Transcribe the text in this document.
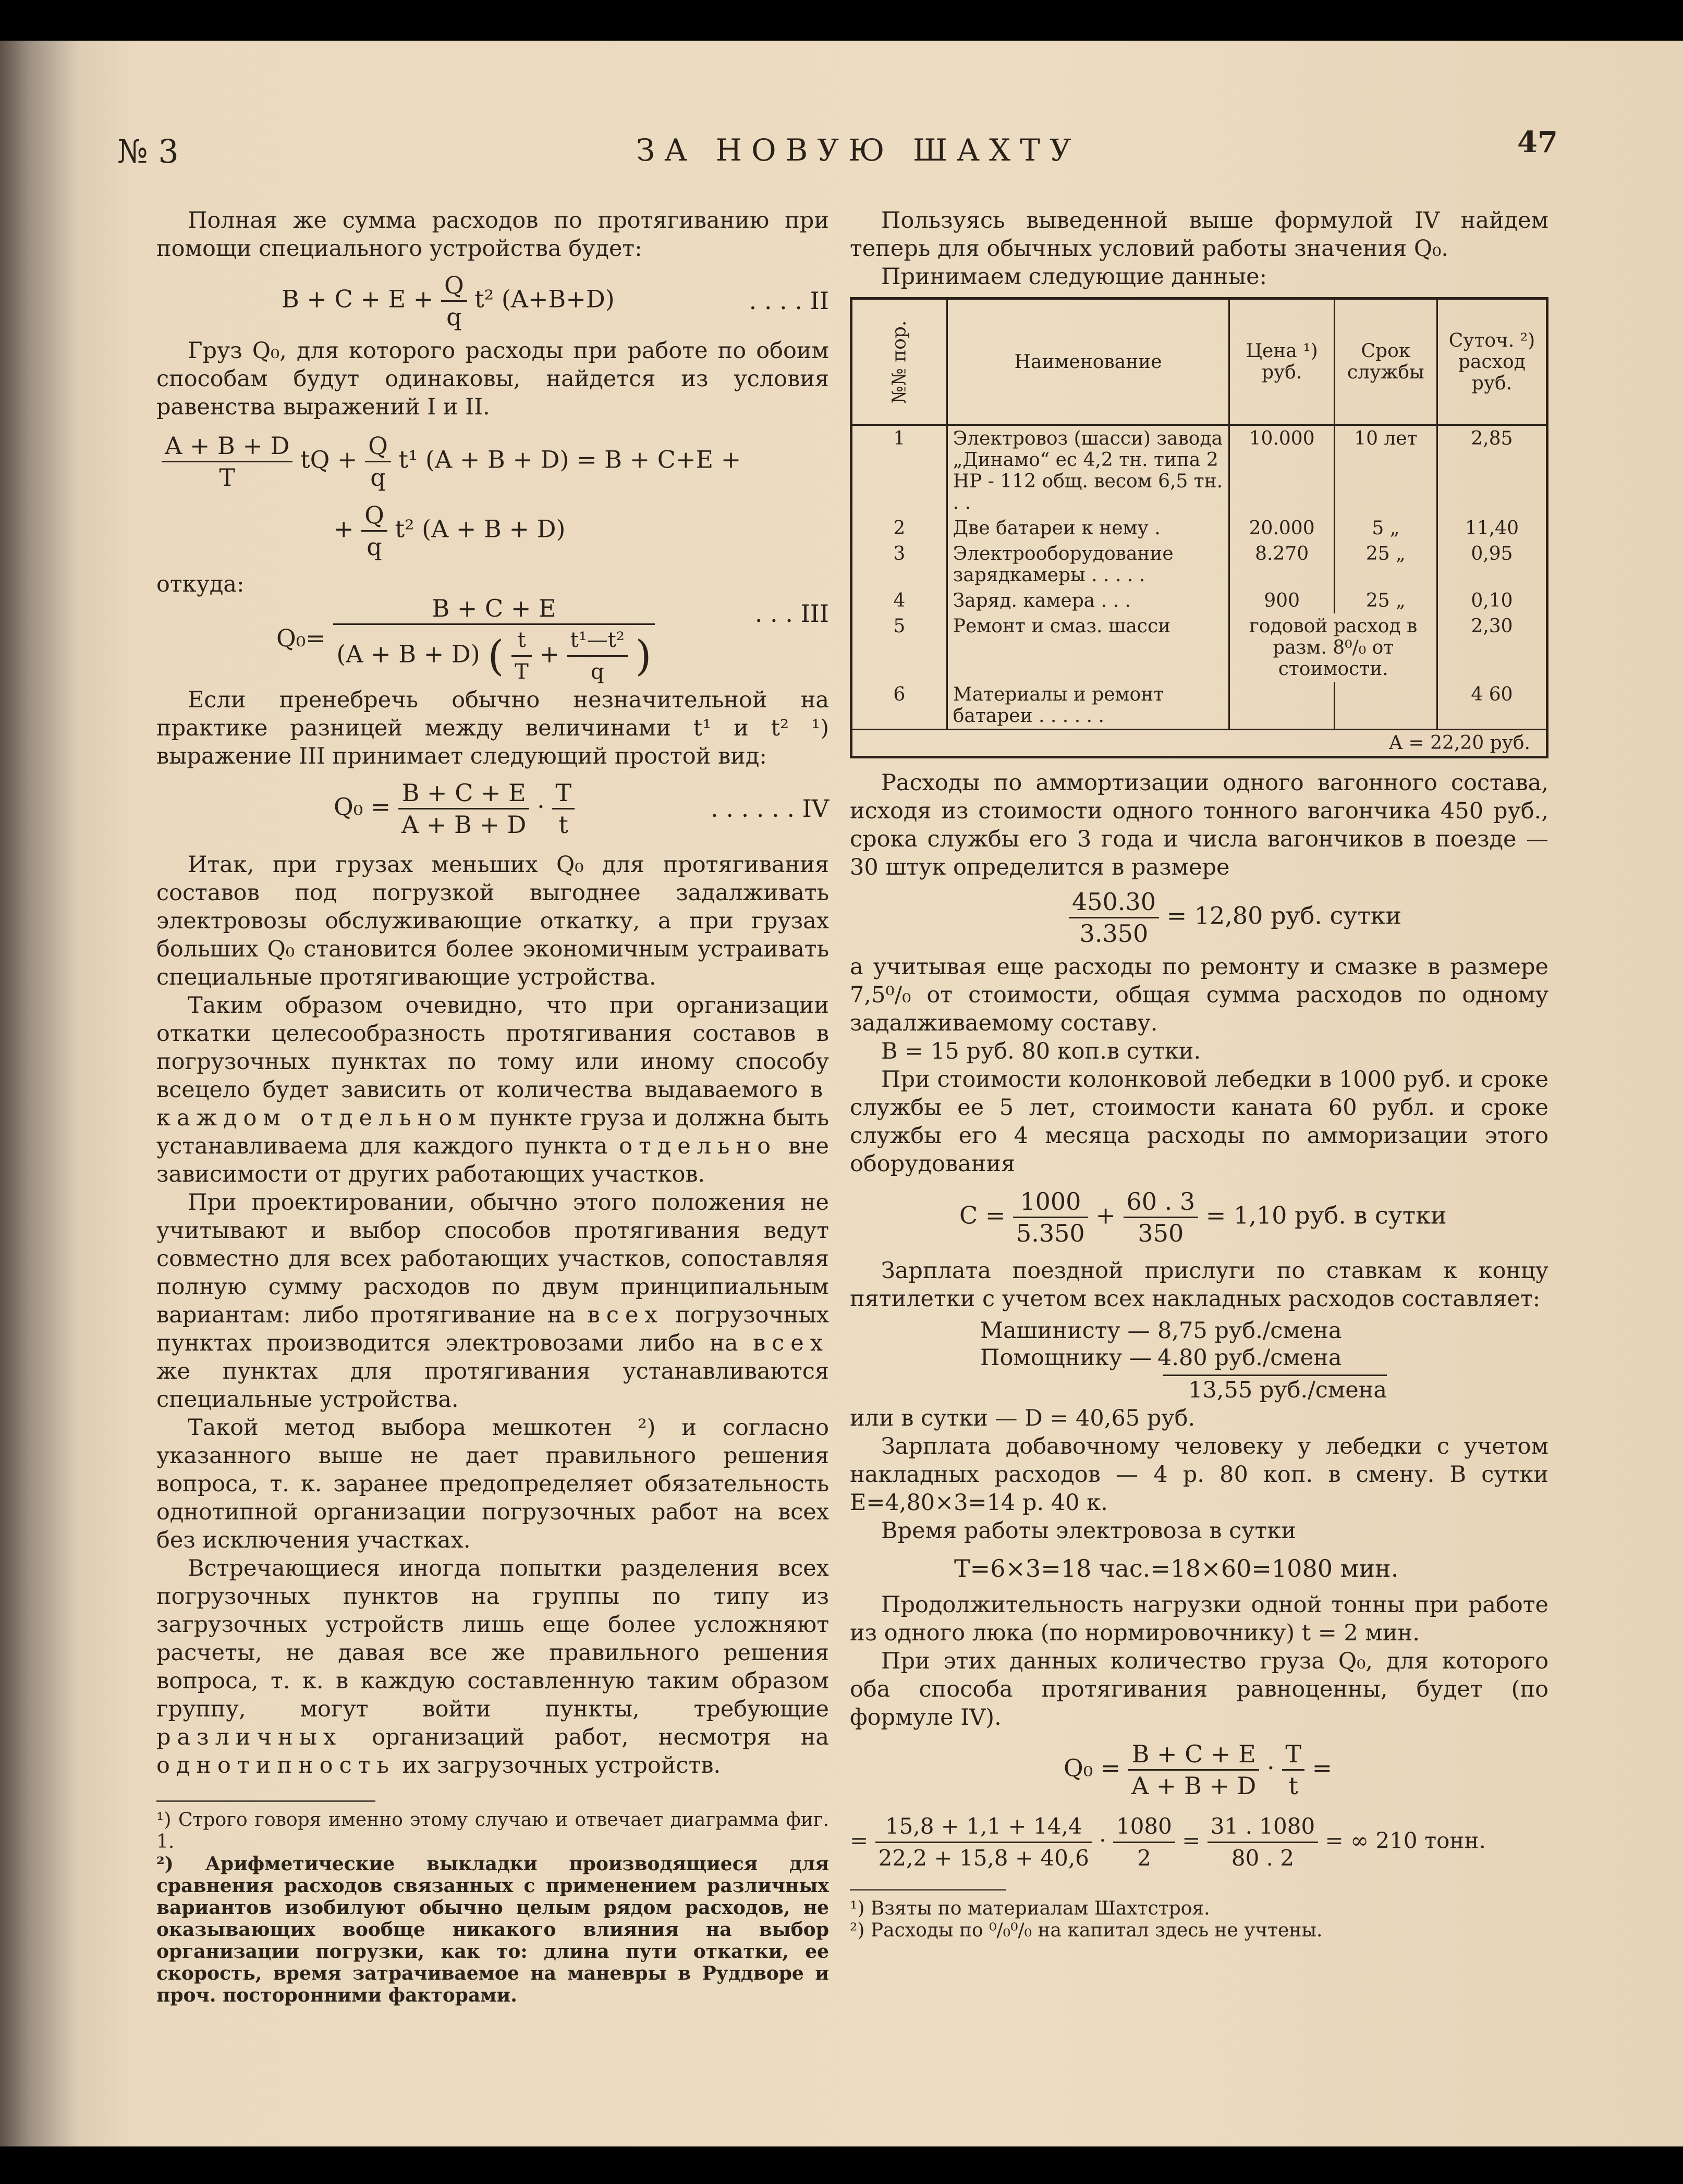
№ 3	ЗА НОВУЮ ШАХТУ	47

Полная же сумма расходов по протягиванию при помощи специального устройства будет:

$B + C + E + \frac{Q}{q} t^2$ (A+B+D)	. . . . II

Груз Q₀, для которого расходы при работе по обоим способам будут одинаковы, найдется из условия равенства выражений I и II.

$\frac{A + B + D}{T}$ tQ + $\frac{Q}{q} t^1$ (A + B + D) = B + C+E +
+ $\frac{Q}{q} t^2$ (A + B + D)

откуда:

Q₀=
B + C + E
(A + B + D) ( $\frac{t}{T} + \frac{\text{t¹—t²}}{q}$ )
. . . III

Если пренебречь обычно незначительной на практике разницей между величинами t¹ и t² ¹) выражение III принимает следующий простой вид:

$Q_0 = \frac{B + C + E}{A + B + D} \cdot \frac{T}{t}$	. . . . . . IV

Итак, при грузах меньших Q₀ для протягивания составов под погрузкой выгоднее задалживать электровозы обслуживающие откатку, а при грузах больших Q₀ становится более экономичным устраивать специальные протягивающие устройства.

Таким образом очевидно, что при организации откатки целесообразность протягивания составов в погрузочных пунктах по тому или иному способу всецело будет зависить от количества выдаваемого в каждом отдельном пункте груза и должна быть устанавливаема для каждого пункта отдельно вне зависимости от других работающих участков.

При проектировании, обычно этого положения не учитывают и выбор способов протягивания ведут совместно для всех работающих участков, сопоставляя полную сумму расходов по двум принципиальным вариантам: либо протягивание на всех погрузочных пунктах производится электровозами либо на всех же пунктах для протягивания устанавливаются специальные устройства.

Такой метод выбора мешкотен ²) и согласно указанного выше не дает правильного решения вопроса, т. к. заранее предопределяет обязательность однотипной организации погрузочных работ на всех без исключения участках.

Встречающиеся иногда попытки разделения всех погрузочных пунктов на группы по типу из загрузочных устройств лишь еще более усложняют расчеты, не давая все же правильного решения вопроса, т. к. в каждую составленную таким образом группу, могут войти пункты, требующие различных организаций работ, несмотря на однотипность их загрузочных устройств.

¹) Строго говоря именно этому случаю и отвечает диаграмма фиг. 1.

²) Арифметические выкладки производящиеся для сравнения расходов связанных с применением различных вариантов изобилуют обычно целым рядом расходов, не оказывающих вообще никакого влияния на выбор организации погрузки, как то: длина пути откатки, ее скорость, время затрачиваемое на маневры в Руддворе и проч. посторонними факторами.

Пользуясь выведенной выше формулой IV найдем теперь для обычных условий работы значения Q₀.

Принимаем следующие данные:

№№ пор.	Наименование	Цена ¹) руб.	Срок службы	Суточ. ²) расход руб.
1	Электровоз (шасси) завода „Динамо“ ес 4,2 тн. типа 2 НР - 112 общ. весом 6,5 тн. . .	10.000	10 лет	2,85
2	Две батареи к нему .	20.000	5 „	11,40
3	Электрооборудование зарядкамеры . . . . .	8.270	25 „	0,95
4	Заряд. камера . . .	900	25 „	0,10
5	Ремонт и смаз. шасси	годовой расход в разм. 8⁰/₀ от стоимости.		2,30
6	Материалы и ремонт батареи . . . . . .			4 60
A = 22,20 руб.				

Расходы по аммортизации одного вагонного состава, исходя из стоимости одного тонного вагончика 450 руб., срока службы его 3 года и числа вагончиков в поезде — 30 штук определится в размере

$\frac{450.30}{3.350} = 12,80$ руб. сутки

а учитывая еще расходы по ремонту и смазке в размере 7,5⁰/₀ от стоимости, общая сумма расходов по одному задалживаемому составу.

B = 15 руб. 80 коп.в сутки.

При стоимости колонковой лебедки в 1000 руб. и сроке службы ее 5 лет, стоимости каната 60 рубл. и сроке службы его 4 месяца расходы по амморизации этого оборудования

$C = \frac{1000}{5.350} + \frac{60 . 3}{350} = 1,10$ руб. в сутки

Зарплата поездной прислуги по ставкам к концу пятилетки с учетом всех накладных расходов составляет:

Машинисту — 8,75 руб./смена
Помощнику — 4.80 руб./смена
13,55 руб./смена

или в сутки — D = 40,65 руб.

Зарплата добавочному человеку у лебедки с учетом накладных расходов — 4 р. 80 коп. в смену. В сутки E=4,80×3=14 р. 40 к.

Время работы электровоза в сутки

T=6×3=18 час.=18×60=1080 мин.

Продолжительность нагрузки одной тонны при работе из одного люка (по нормировочнику) t = 2 мин.

При этих данных количество груза Q₀, для которого оба способа протягивания равноценны, будет (по формуле IV).

$Q_0 = \frac{B + C + E}{A + B + D} \cdot \frac{T}{t}$ =
= $\frac{15,8 + 1,1 + 14,4}{22,2 + 15,8 + 40,6} \cdot \frac{1080}{2} = \frac{31 . 1080}{80 . 2}$ = ∞ 210 тонн.

¹) Взяты по материалам Шахтстроя.

²) Расходы по ⁰/₀⁰/₀ на капитал здесь не учтены.
